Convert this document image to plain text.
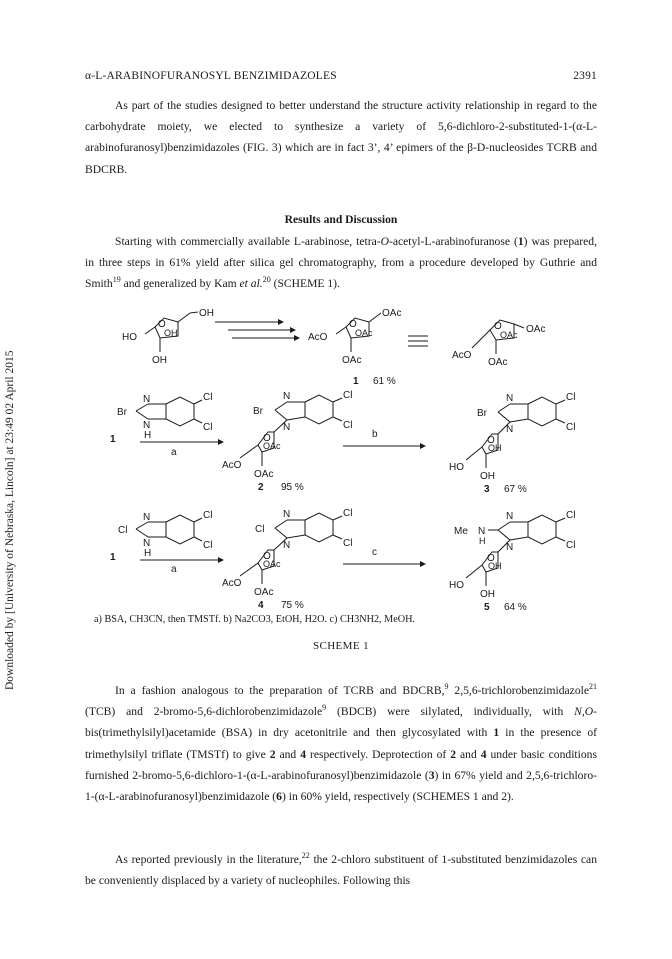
α-L-ARABINOFURANOSYL BENZIMIDAZOLES	2391
Downloaded by [University of Nebraska, Lincoln] at 23:49 02 April 2015

As part of the studies designed to better understand the structure activity relationship in regard to the carbohydrate moiety, we elected to synthesize a variety of 5,6-dichloro-2-substituted-1-(α-L-arabinofuranosyl)benzimidazoles (FIG. 3) which are in fact 3’, 4’ epimers of the β-D-nucleosides TCRB and BDCRB.

Results and Discussion

Starting with commercially available L-arabinose, tetra-O-acetyl-L-arabinofuranose (1) was prepared, in three steps in 61% yield after silica gel chromatography, from a procedure developed by Guthrie and Smith$^{19}$ and generalized by Kam et al.$^{20}$ (SCHEME 1).

O
OH
HO	OH
OH
O
OAc
AcO	OAc
OAc
O OAc
AcO
OAc
OAc
1 61 %
N
N
H
Br
Cl
Cl
1
a
N
N
Br
Cl
Cl
O
OAc
AcO
OAc
2 95 %
b
N
N
Br
Cl
Cl
O
OH
HO
OH
3 67 %
N
N
H
Cl
Cl
Cl
1
a
N
N
Cl
Cl
Cl
O
OAc
AcO
OAc
4 75 %
c
N
N
N
H
Me
Cl
Cl
O
OH
HO
OH
5 64 %
a) BSA, CH3CN, then TMSTf. b) Na2CO3, EtOH, H2O. c) CH3NH2, MeOH.
SCHEME 1

In a fashion analogous to the preparation of TCRB and BDCRB,$^9$ 2,5,6-trichlorobenzimidazole$^{21}$ (TCB) and 2-bromo-5,6-dichlorobenzimidazole$^9$ (BDCB) were silylated, individually, with N,O-bis(trimethylsilyl)acetamide (BSA) in dry acetonitrile and then glycosylated with 1 in the presence of trimethylsilyl triflate (TMSTf) to give 2 and 4 respectively. Deprotection of 2 and 4 under basic conditions furnished 2-bromo-5,6-dichloro-1-(α-L-arabinofuranosyl)benzimidazole (3) in 67% yield and 2,5,6-trichloro-1-(α-L-arabinofuranosyl)benzimidazole (6) in 60% yield, respectively (SCHEMES 1 and 2).

As reported previously in the literature,$^{22}$ the 2-chloro substituent of 1-substituted benzimidazoles can be conveniently displaced by a variety of nucleophiles. Following this
